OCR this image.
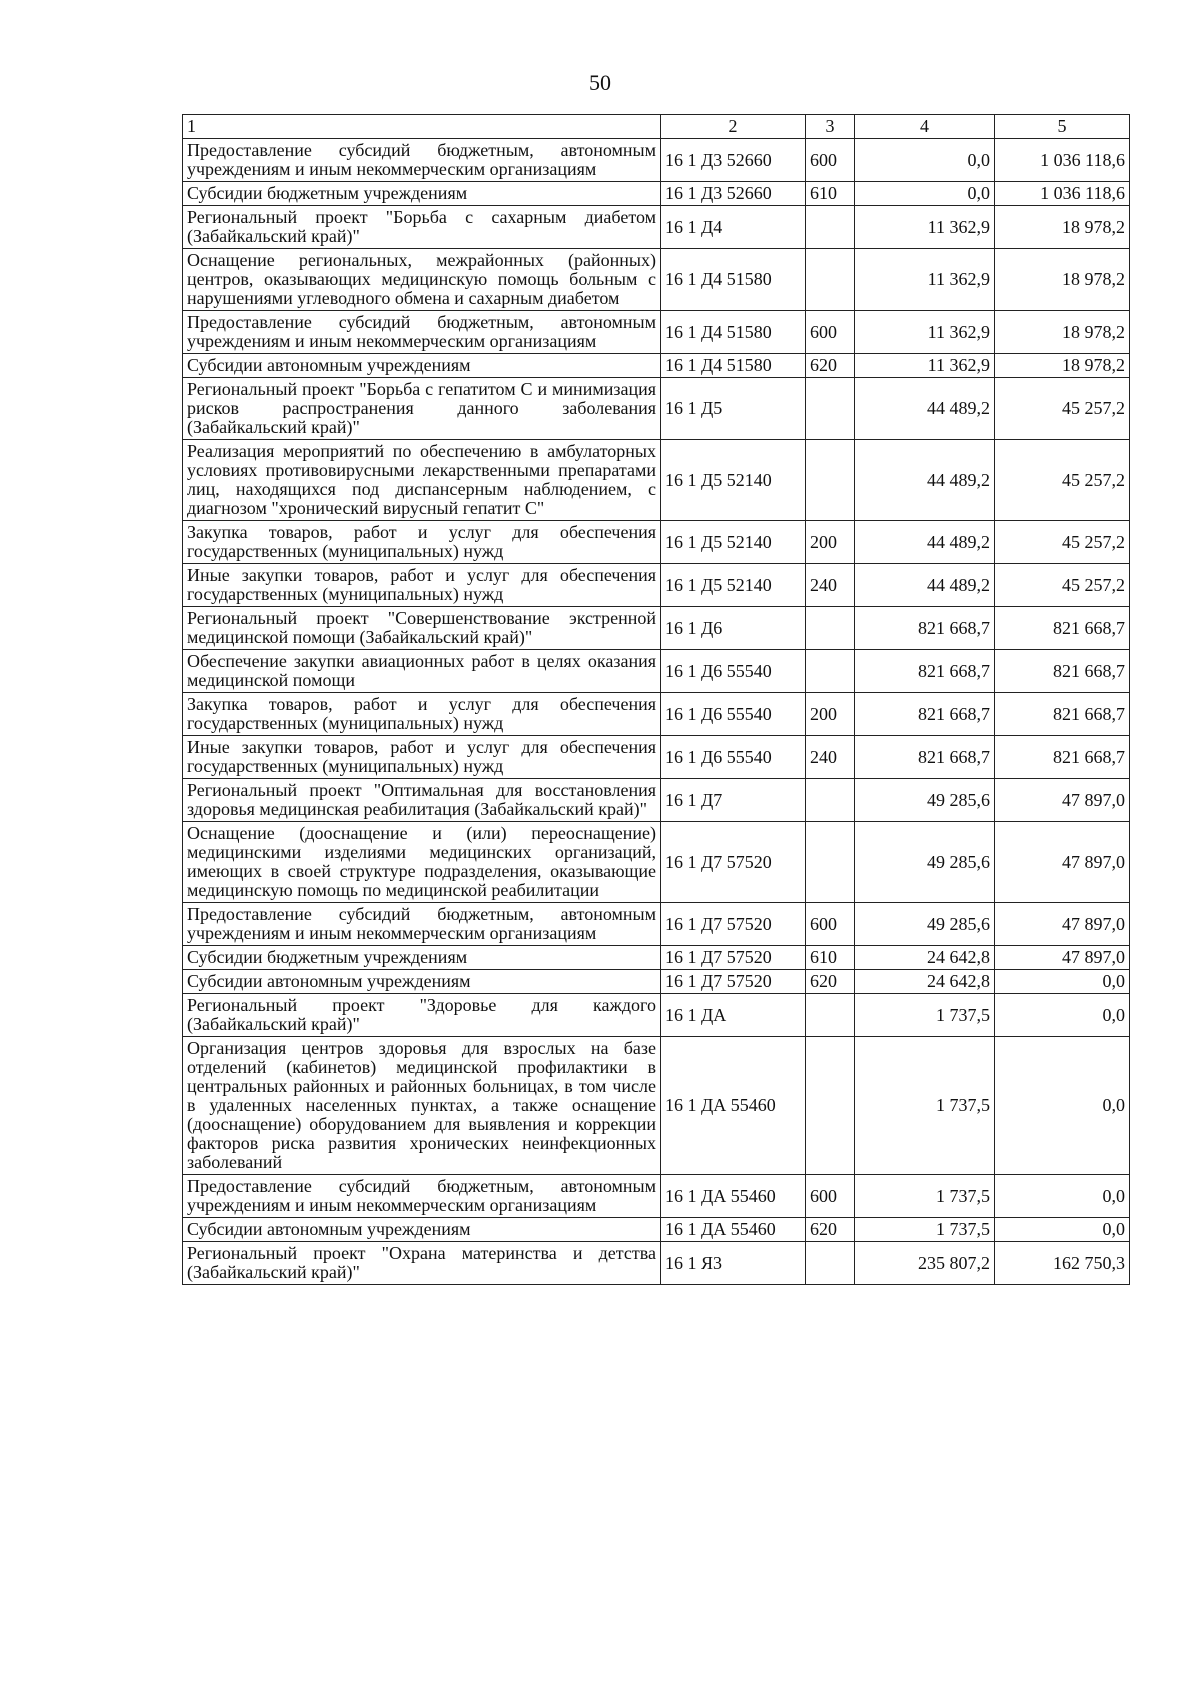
50
1	2	3	4	5
Предоставление субсидий бюджетным, автономным учреждениям и иным некоммерческим организациям	16 1 Д3 52660	600	0,0	1 036 118,6
Субсидии бюджетным учреждениям	16 1 Д3 52660	610	0,0	1 036 118,6
Региональный проект "Борьба с сахарным диабетом (Забайкальский край)"	16 1 Д4		11 362,9	18 978,2
Оснащение региональных, межрайонных (районных) центров, оказывающих медицинскую помощь больным с нарушениями углеводного обмена и сахарным диабетом	16 1 Д4 51580		11 362,9	18 978,2
Предоставление субсидий бюджетным, автономным учреждениям и иным некоммерческим организациям	16 1 Д4 51580	600	11 362,9	18 978,2
Субсидии автономным учреждениям	16 1 Д4 51580	620	11 362,9	18 978,2
Региональный проект "Борьба с гепатитом С и минимизация рисков распространения данного заболевания (Забайкальский край)"	16 1 Д5		44 489,2	45 257,2
Реализация мероприятий по обеспечению в амбулаторных условиях противовирусными лекарственными препаратами лиц, находящихся под диспансерным наблюдением, с диагнозом "хронический вирусный гепатит С"	16 1 Д5 52140		44 489,2	45 257,2
Закупка товаров, работ и услуг для обеспечения государственных (муниципальных) нужд	16 1 Д5 52140	200	44 489,2	45 257,2
Иные закупки товаров, работ и услуг для обеспечения государственных (муниципальных) нужд	16 1 Д5 52140	240	44 489,2	45 257,2
Региональный проект "Совершенствование экстренной медицинской помощи (Забайкальский край)"	16 1 Д6		821 668,7	821 668,7
Обеспечение закупки авиационных работ в целях оказания медицинской помощи	16 1 Д6 55540		821 668,7	821 668,7
Закупка товаров, работ и услуг для обеспечения государственных (муниципальных) нужд	16 1 Д6 55540	200	821 668,7	821 668,7
Иные закупки товаров, работ и услуг для обеспечения государственных (муниципальных) нужд	16 1 Д6 55540	240	821 668,7	821 668,7
Региональный проект "Оптимальная для восстановления здоровья медицинская реабилитация (Забайкальский край)"	16 1 Д7		49 285,6	47 897,0
Оснащение (дооснащение и (или) переоснащение) медицинскими изделиями медицинских организаций, имеющих в своей структуре подразделения, оказывающие медицинскую помощь по медицинской реабилитации	16 1 Д7 57520		49 285,6	47 897,0
Предоставление субсидий бюджетным, автономным учреждениям и иным некоммерческим организациям	16 1 Д7 57520	600	49 285,6	47 897,0
Субсидии бюджетным учреждениям	16 1 Д7 57520	610	24 642,8	47 897,0
Субсидии автономным учреждениям	16 1 Д7 57520	620	24 642,8	0,0
Региональный проект "Здоровье для каждого (Забайкальский край)"	16 1 ДА		1 737,5	0,0
Организация центров здоровья для взрослых на базе отделений (кабинетов) медицинской профилактики в центральных районных и районных больницах, в том числе в удаленных населенных пунктах, а также оснащение (дооснащение) оборудованием для выявления и коррекции факторов риска развития хронических неинфекционных заболеваний	16 1 ДА 55460		1 737,5	0,0
Предоставление субсидий бюджетным, автономным учреждениям и иным некоммерческим организациям	16 1 ДА 55460	600	1 737,5	0,0
Субсидии автономным учреждениям	16 1 ДА 55460	620	1 737,5	0,0
Региональный проект "Охрана материнства и детства (Забайкальский край)"	16 1 Я3		235 807,2	162 750,3
